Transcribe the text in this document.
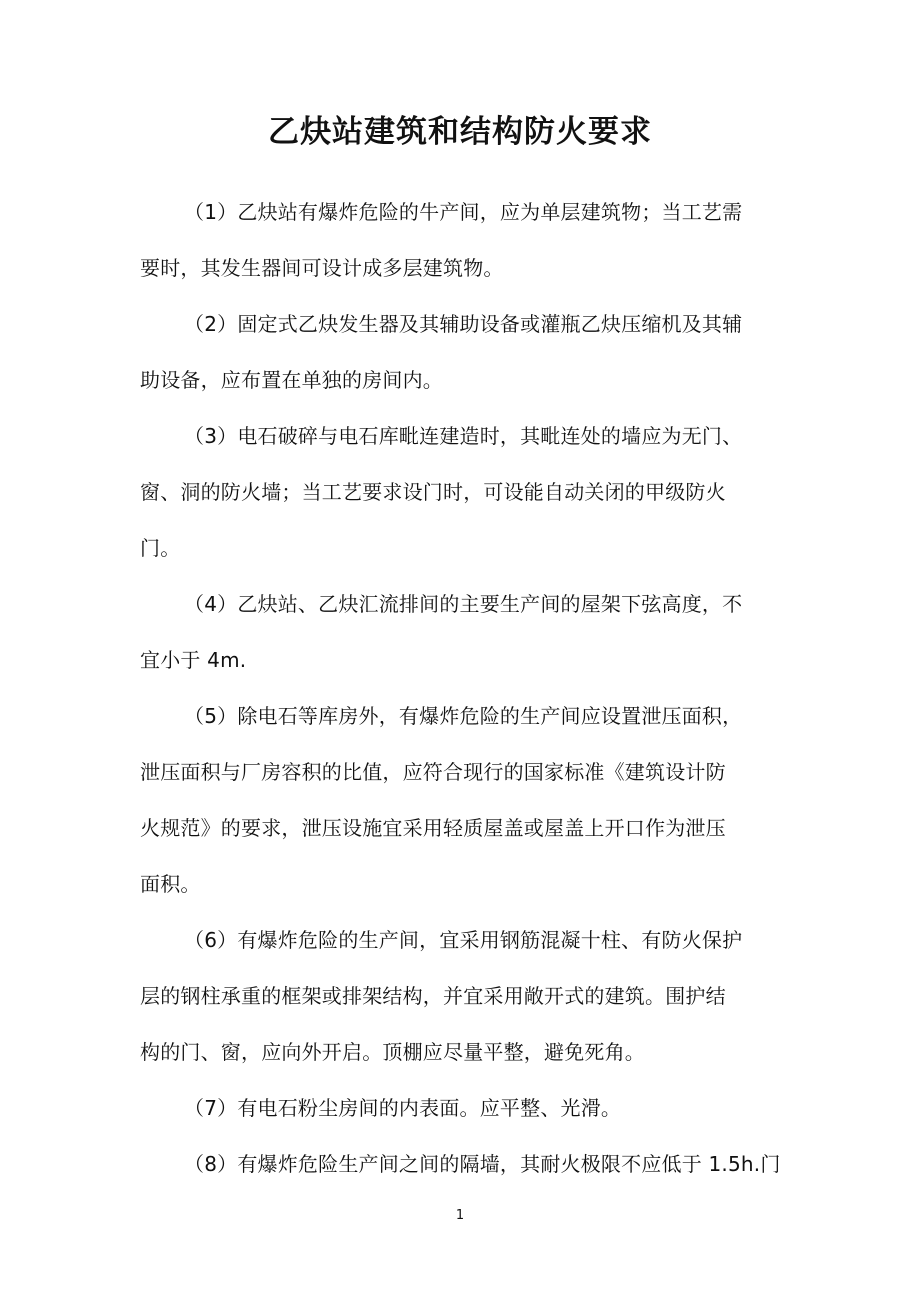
乙炔站建筑和结构防火要求

（1）乙炔站有爆炸危险的牛产间，应为单层建筑物；当工艺需

要时，其发生器间可设计成多层建筑物。

（2）固定式乙炔发生器及其辅助设备或灌瓶乙炔压缩机及其辅

助设备，应布置在单独的房间内。

（3）电石破碎与电石库毗连建造时，其毗连处的墙应为无门、

窗、洞的防火墙；当工艺要求设门时，可设能自动关闭的甲级防火

门。

（4）乙炔站、乙炔汇流排间的主要生产间的屋架下弦高度，不

宜小于 4m.

（5）除电石等库房外，有爆炸危险的生产间应设置泄压面积，

泄压面积与厂房容积的比值，应符合现行的国家标准《建筑设计防

火规范》的要求，泄压设施宜采用轻质屋盖或屋盖上开口作为泄压

面积。

（6）有爆炸危险的生产间，宜采用钢筋混凝十柱、有防火保护

层的钢柱承重的框架或排架结构，并宜采用敞开式的建筑。围护结

构的门、窗，应向外开启。顶棚应尽量平整，避免死角。

（7）有电石粉尘房间的内表面。应平整、光滑。

（8）有爆炸危险生产间之间的隔墙，其耐火极限不应低于 1.5h.门

1
